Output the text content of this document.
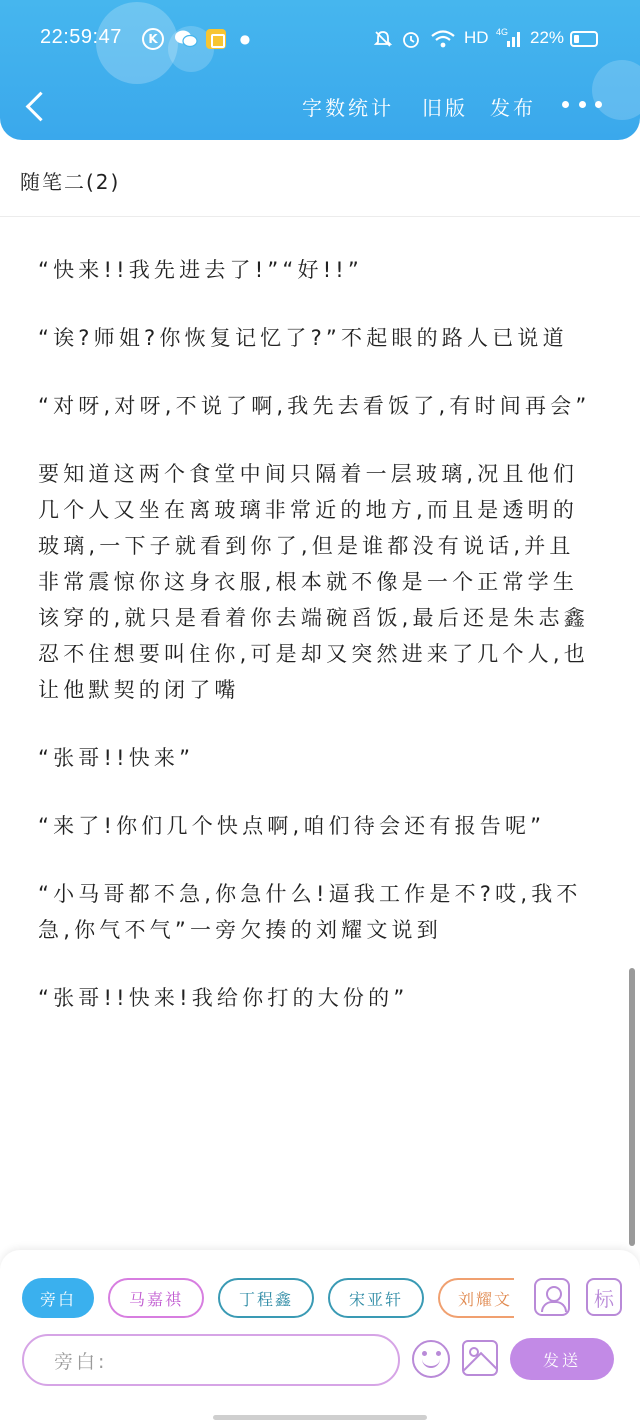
22:59:47	K	●	HD 4G 22%
字数统计 旧版 发布
随笔二(2)

“快来!!我先进去了!”“好!!”

“诶?师姐?你恢复记忆了?”不起眼的路人已说道

“对呀,对呀,不说了啊,我先去看饭了,有时间再会”

要知道这两个食堂中间只隔着一层玻璃,况且他们几个人又坐在离玻璃非常近的地方,而且是透明的玻璃,一下子就看到你了,但是谁都没有说话,并且非常震惊你这身衣服,根本就不像是一个正常学生该穿的,就只是看着你去端碗舀饭,最后还是朱志鑫忍不住想要叫住你,可是却又突然进来了几个人,也让他默契的闭了嘴

“张哥!!快来”

“来了!你们几个快点啊,咱们待会还有报告呢”

“小马哥都不急,你急什么!逼我工作是不?哎,我不急,你气不气”一旁欠揍的刘耀文说到

“张哥!!快来!我给你打的大份的”

旁白	马嘉祺	丁程鑫	宋亚轩	刘耀文	标
旁白:	发送
